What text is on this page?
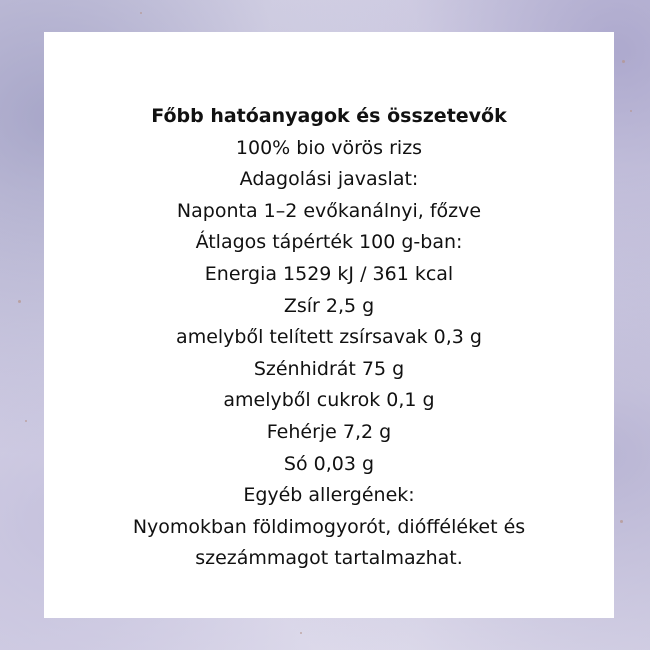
Főbb hatóanyagok és összetevők
100% bio vörös rizs
Adagolási javaslat:
Naponta 1–2 evőkanálnyi, főzve
Átlagos tápérték 100 g-ban:
Energia 1529 kJ / 361 kcal
Zsír 2,5 g
amelyből telített zsírsavak 0,3 g
Szénhidrát 75 g
amelyből cukrok 0,1 g
Fehérje 7,2 g
Só 0,03 g
Egyéb allergének:
Nyomokban földimogyorót, diófféléket és
szezámmagot tartalmazhat.
